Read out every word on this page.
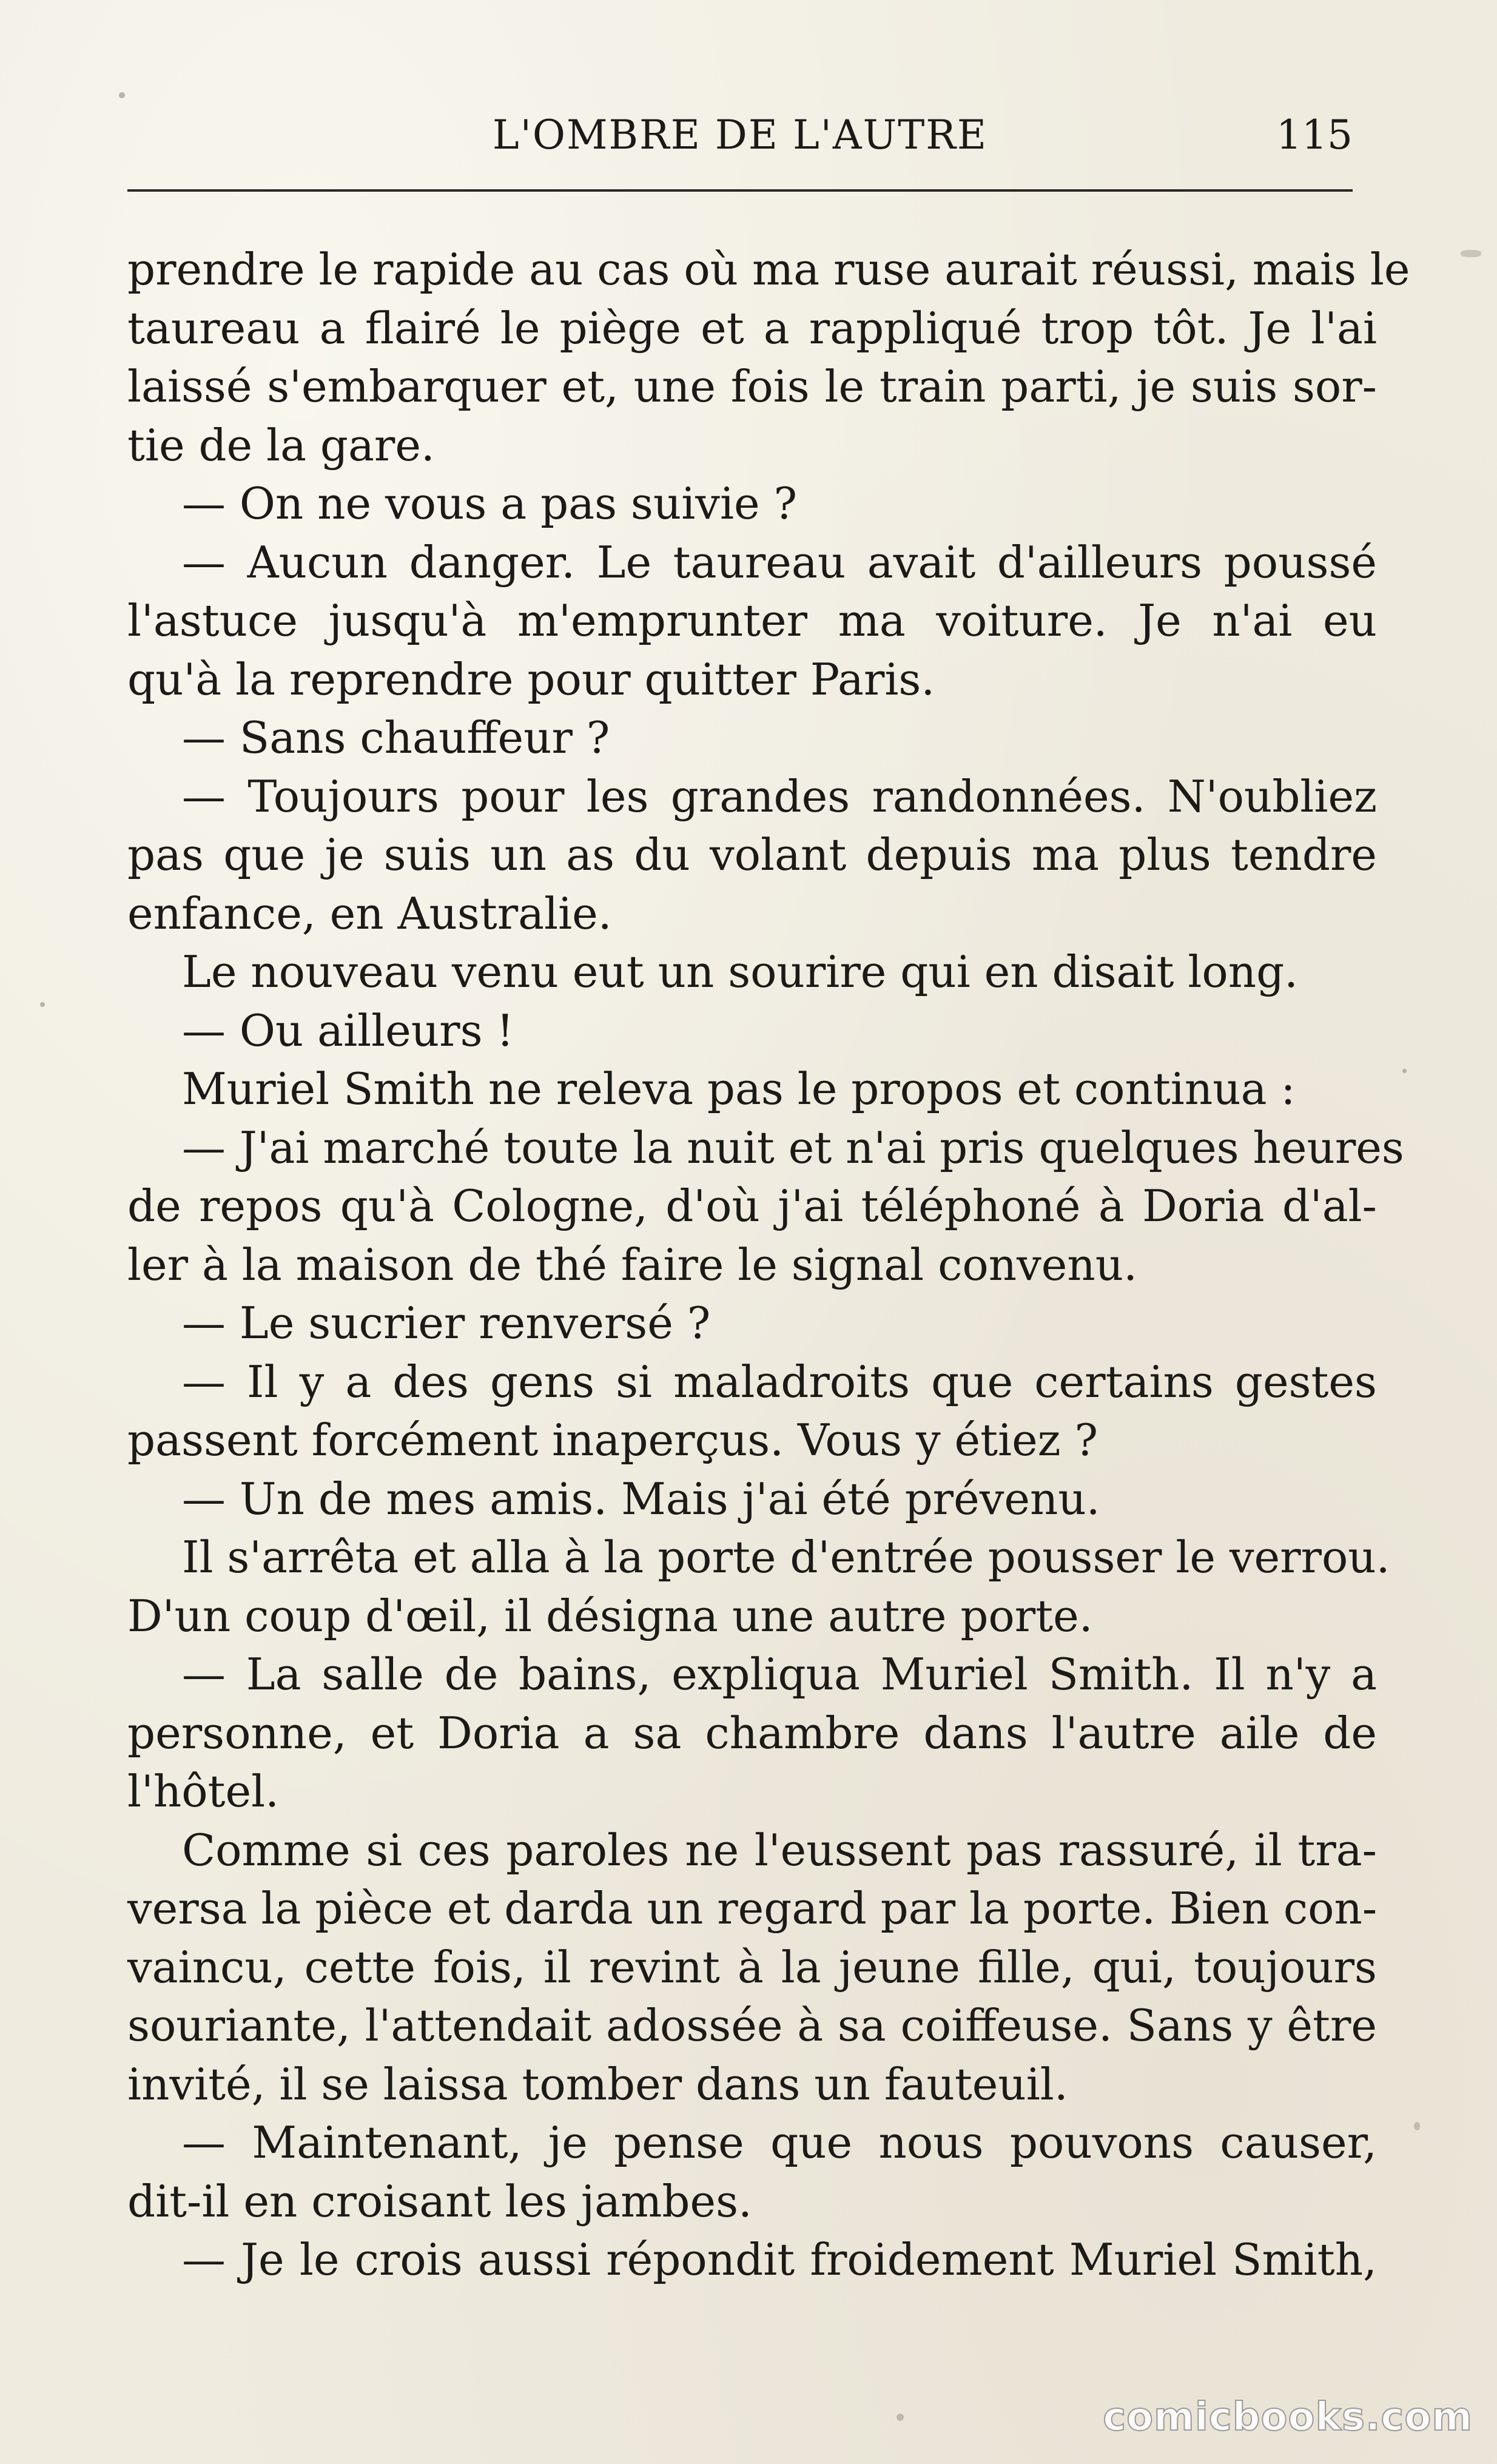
L'OMBRE DE L'AUTRE	115
prendre le rapide au cas où ma ruse aurait réussi, mais le
taureau a flairé le piège et a rappliqué trop tôt. Je l'ai
laissé s'embarquer et, une fois le train parti, je suis sor-
tie de la gare.
— On ne vous a pas suivie ?
— Aucun danger. Le taureau avait d'ailleurs poussé
l'astuce jusqu'à m'emprunter ma voiture. Je n'ai eu
qu'à la reprendre pour quitter Paris.
— Sans chauffeur ?
— Toujours pour les grandes randonnées. N'oubliez
pas que je suis un as du volant depuis ma plus tendre
enfance, en Australie.
Le nouveau venu eut un sourire qui en disait long.
— Ou ailleurs !
Muriel Smith ne releva pas le propos et continua :
— J'ai marché toute la nuit et n'ai pris quelques heures
de repos qu'à Cologne, d'où j'ai téléphoné à Doria d'al-
ler à la maison de thé faire le signal convenu.
— Le sucrier renversé ?
— Il y a des gens si maladroits que certains gestes
passent forcément inaperçus. Vous y étiez ?
— Un de mes amis. Mais j'ai été prévenu.
Il s'arrêta et alla à la porte d'entrée pousser le verrou.
D'un coup d'œil, il désigna une autre porte.
— La salle de bains, expliqua Muriel Smith. Il n'y a
personne, et Doria a sa chambre dans l'autre aile de
l'hôtel.
Comme si ces paroles ne l'eussent pas rassuré, il tra-
versa la pièce et darda un regard par la porte. Bien con-
vaincu, cette fois, il revint à la jeune fille, qui, toujours
souriante, l'attendait adossée à sa coiffeuse. Sans y être
invité, il se laissa tomber dans un fauteuil.
— Maintenant, je pense que nous pouvons causer,
dit-il en croisant les jambes.
— Je le crois aussi répondit froidement Muriel Smith,
comicbooks.com
